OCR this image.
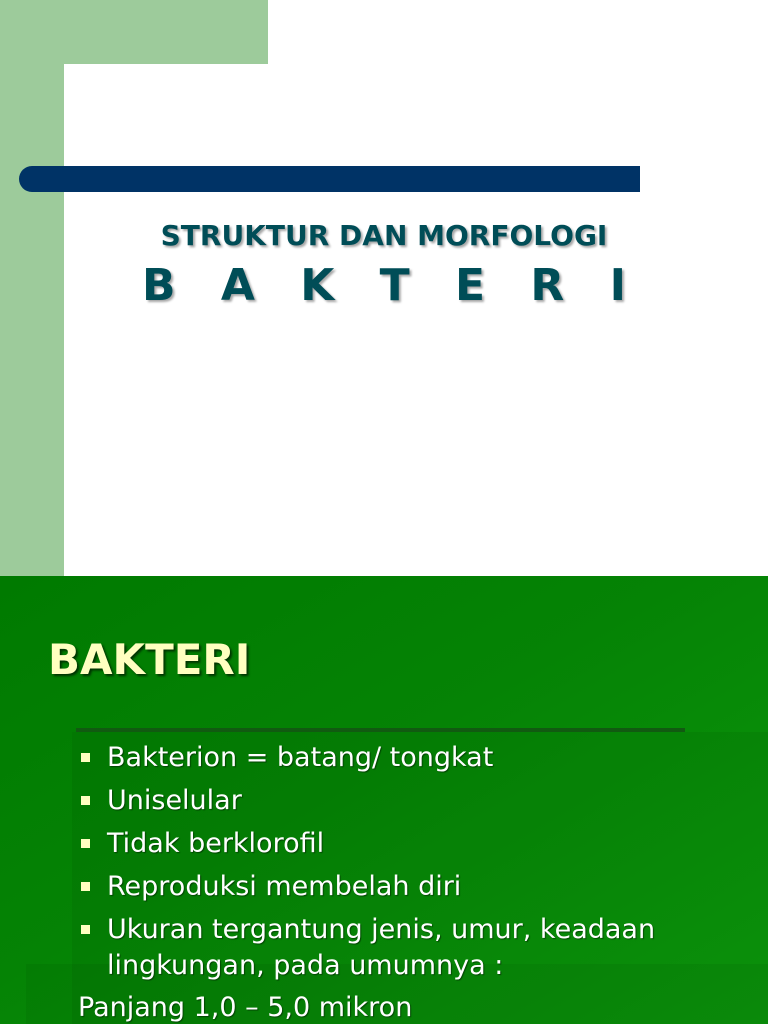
STRUKTUR DAN MORFOLOGI
B A K T E R I
BAKTERI
Bakterion = batang/ tongkat
Uniselular
Tidak berklorofil
Reproduksi membelah diri
Ukuran tergantung jenis, umur, keadaan lingkungan, pada umumnya :
Panjang 1,0 – 5,0 mikron
